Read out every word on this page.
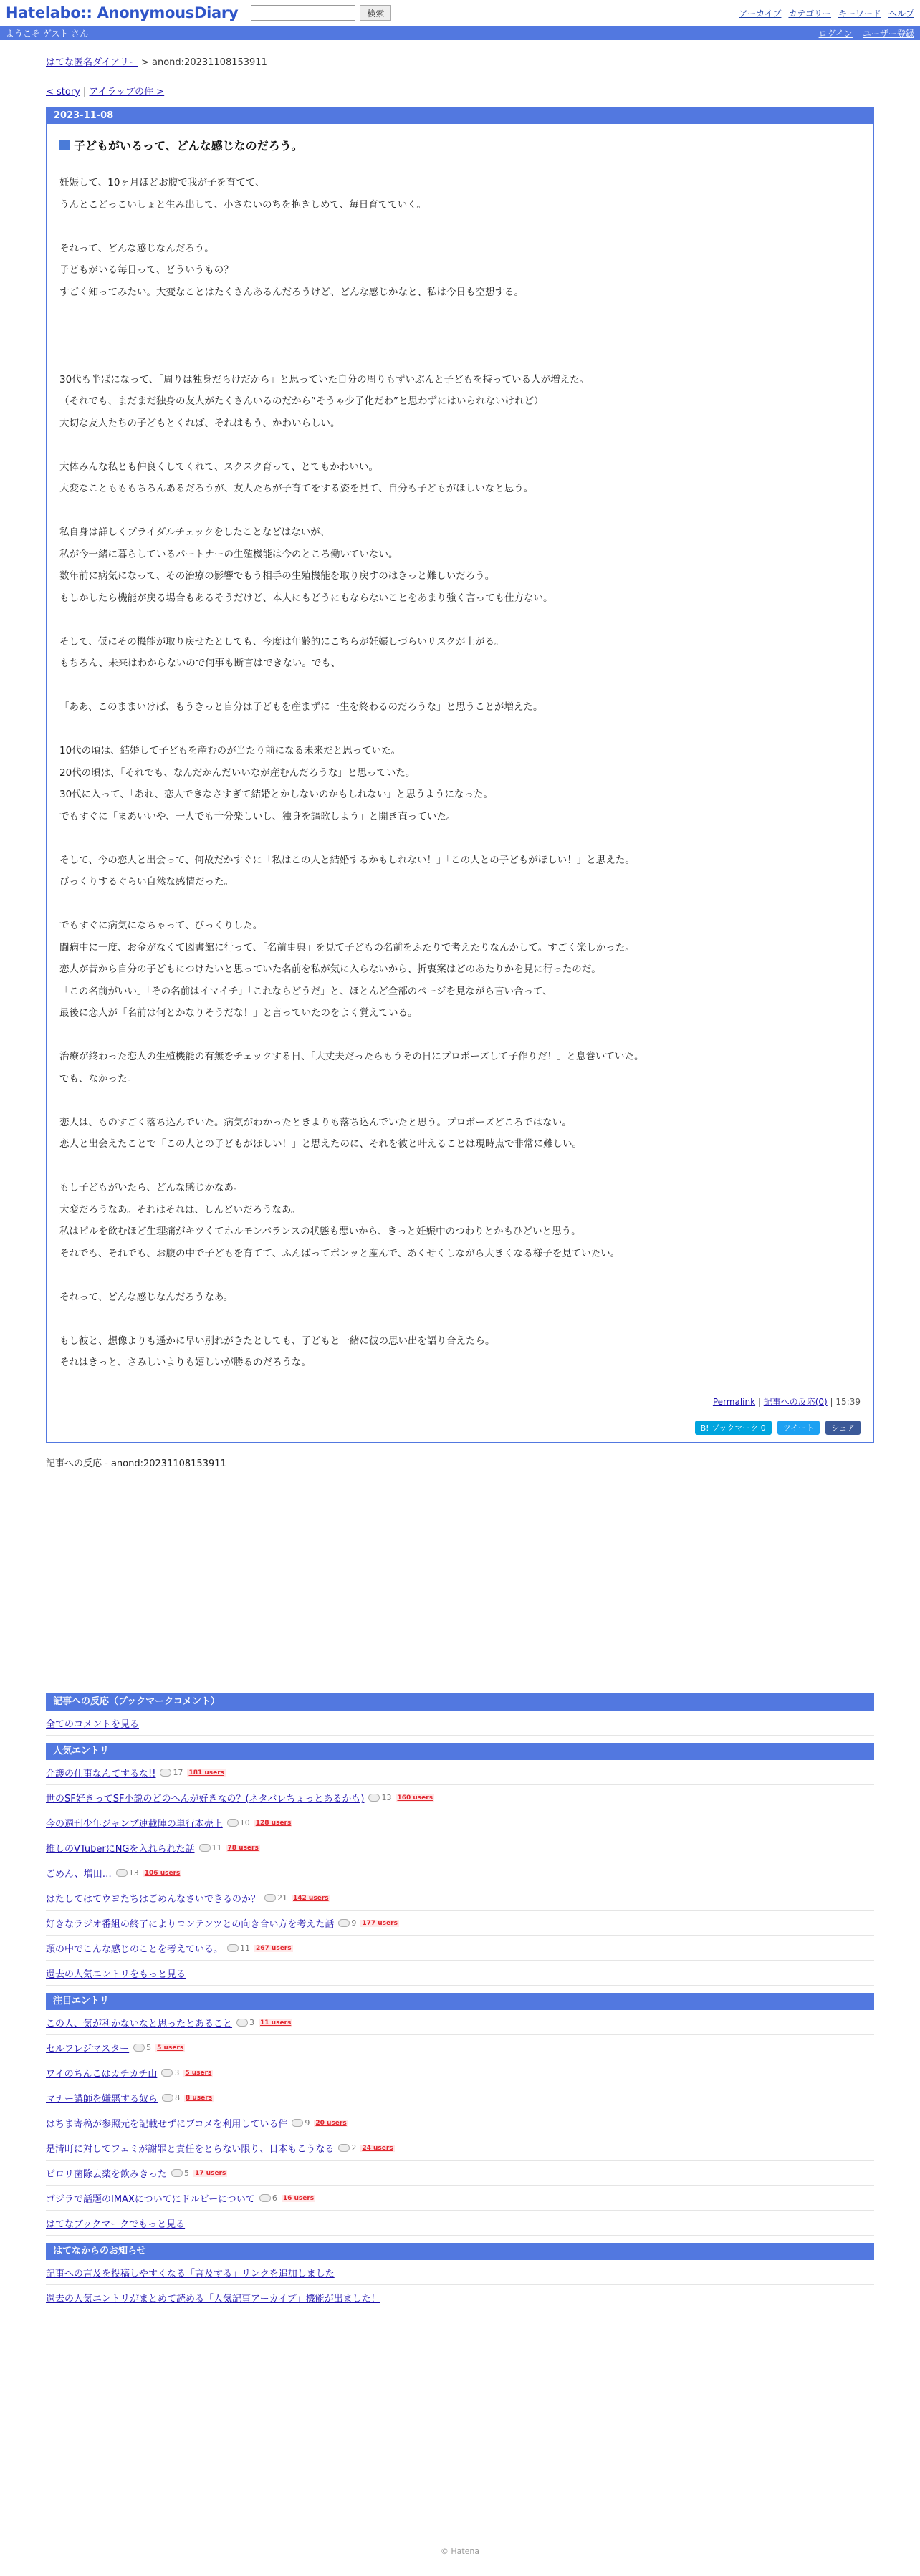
Hatelabo:: AnonymousDiary	検索	アーカイブ カテゴリー キーワード ヘルプ
ようこそ ゲスト さん	ログイン ユーザー登録
はてな匿名ダイアリー > anond:20231108153911
< story | アイラップの件 >
2023-11-08
子どもがいるって、どんな感じなのだろう。
妊娠して、10ヶ月ほどお腹で我が子を育てて、
うんとこどっこいしょと生み出して、小さないのちを抱きしめて、毎日育てていく。
それって、どんな感じなんだろう。
子どもがいる毎日って、どういうもの？
すごく知ってみたい。大変なことはたくさんあるんだろうけど、どんな感じかなと、私は今日も空想する。
30代も半ばになって、「周りは独身だらけだから」と思っていた自分の周りもずいぶんと子どもを持っている人が増えた。
（それでも、まだまだ独身の友人がたくさんいるのだから”そうゃ少子化だわ”と思わずにはいられないけれど）
大切な友人たちの子どもとくれば、それはもう、かわいらしい。
大体みんな私とも仲良くしてくれて、スクスク育って、とてもかわいい。
大変なこともももちろんあるだろうが、友人たちが子育てをする姿を見て、自分も子どもがほしいなと思う。
私自身は詳しくブライダルチェックをしたことなどはないが、
私が今一緒に暮らしているパートナーの生殖機能は今のところ働いていない。
数年前に病気になって、その治療の影響でもう相手の生殖機能を取り戻すのはきっと難しいだろう。
もしかしたら機能が戻る場合もあるそうだけど、本人にもどうにもならないことをあまり強く言っても仕方ない。
そして、仮にその機能が取り戻せたとしても、今度は年齢的にこちらが妊娠しづらいリスクが上がる。
もちろん、未来はわからないので何事も断言はできない。でも、
「ああ、このままいけば、もうきっと自分は子どもを産まずに一生を終わるのだろうな」と思うことが増えた。
10代の頃は、結婚して子どもを産むのが当たり前になる未来だと思っていた。
20代の頃は、「それでも、なんだかんだいいなが産むんだろうな」と思っていた。
30代に入って、「あれ、恋人できなさすぎて結婚とかしないのかもしれない」と思うようになった。
でもすぐに「まあいいや、一人でも十分楽しいし、独身を謳歌しよう」と開き直っていた。
そして、今の恋人と出会って、何故だかすぐに「私はこの人と結婚するかもしれない！」「この人との子どもがほしい！」と思えた。
びっくりするぐらい自然な感情だった。
でもすぐに病気になちゃって、びっくりした。
闘病中に一度、お金がなくて図書館に行って、「名前事典」を見て子どもの名前をふたりで考えたりなんかして。すごく楽しかった。
恋人が昔から自分の子どもにつけたいと思っていた名前を私が気に入らないから、折衷案はどのあたりかを見に行ったのだ。
「この名前がいい」「その名前はイマイチ」「これならどうだ」と、ほとんど全部のページを見ながら言い合って、
最後に恋人が「名前は何とかなりそうだな！」と言っていたのをよく覚えている。
治療が終わった恋人の生殖機能の有無をチェックする日、「大丈夫だったらもうその日にプロポーズして子作りだ！」と息巻いていた。
でも、なかった。
恋人は、ものすごく落ち込んでいた。病気がわかったときよりも落ち込んでいたと思う。プロポーズどころではない。
恋人と出会えたことで「この人との子どもがほしい！」と思えたのに、それを彼と叶えることは現時点で非常に難しい。
もし子どもがいたら、どんな感じかなあ。
大変だろうなあ。それはそれは、しんどいだろうなあ。
私はピルを飲むほど生理痛がキツくてホルモンバランスの状態も悪いから、きっと妊娠中のつわりとかもひどいと思う。
それでも、それでも、お腹の中で子どもを育てて、ふんばってポンッと産んで、あくせくしながら大きくなる様子を見ていたい。
それって、どんな感じなんだろうなあ。
もし彼と、想像よりも遥かに早い別れがきたとしても、子どもと一緒に彼の思い出を語り合えたら。
それはきっと、さみしいよりも嬉しいが勝るのだろうな。
Permalink | 記事への反応(0) | 15:39
B! ブックマーク 0	ツイート	シェア
記事への反応 - anond:20231108153911
記事への反応（ブックマークコメント）
全てのコメントを見る
人気エントリ
介護の仕事なんてするな!! 17 181 users
世のSF好きってSF小説のどのへんが好きなの？(ネタバレちょっとあるかも) 13 160 users
今の週刊少年ジャンプ連載陣の単行本売上 10 128 users
推しのVTuberにNGを入れられた話 11 78 users
ごめん、増田… 13 106 users
はたしてはてウヨたちはごめんなさいできるのか？ 21 142 users
好きなラジオ番組の終了によりコンテンツとの向き合い方を考えた話 9 177 users
頭の中でこんな感じのことを考えている。 11 267 users
過去の人気エントリをもっと見る
注目エントリ
この人、気が利かないなと思ったとあること 3 11 users
セルフレジマスター 5 5 users
ワイのちんこはカチカチ山 3 5 users
マナー講師を嫌悪する奴ら 8 8 users
はちま寄稿が参照元を記載せずにブコメを利用している件 9 20 users
是清町に対してフェミが謝罪と責任をとらない限り、日本もこうなる 2 24 users
ピロリ菌除去薬を飲みきった 5 17 users
ゴジラで話題のIMAXについてにドルビーについて 6 16 users
はてなブックマークでもっと見る
はてなからのお知らせ
記事への言及を投稿しやすくなる「言及する」リンクを追加しました
過去の人気エントリがまとめて読める「人気記事アーカイブ」機能が出ました！
© Hatena
